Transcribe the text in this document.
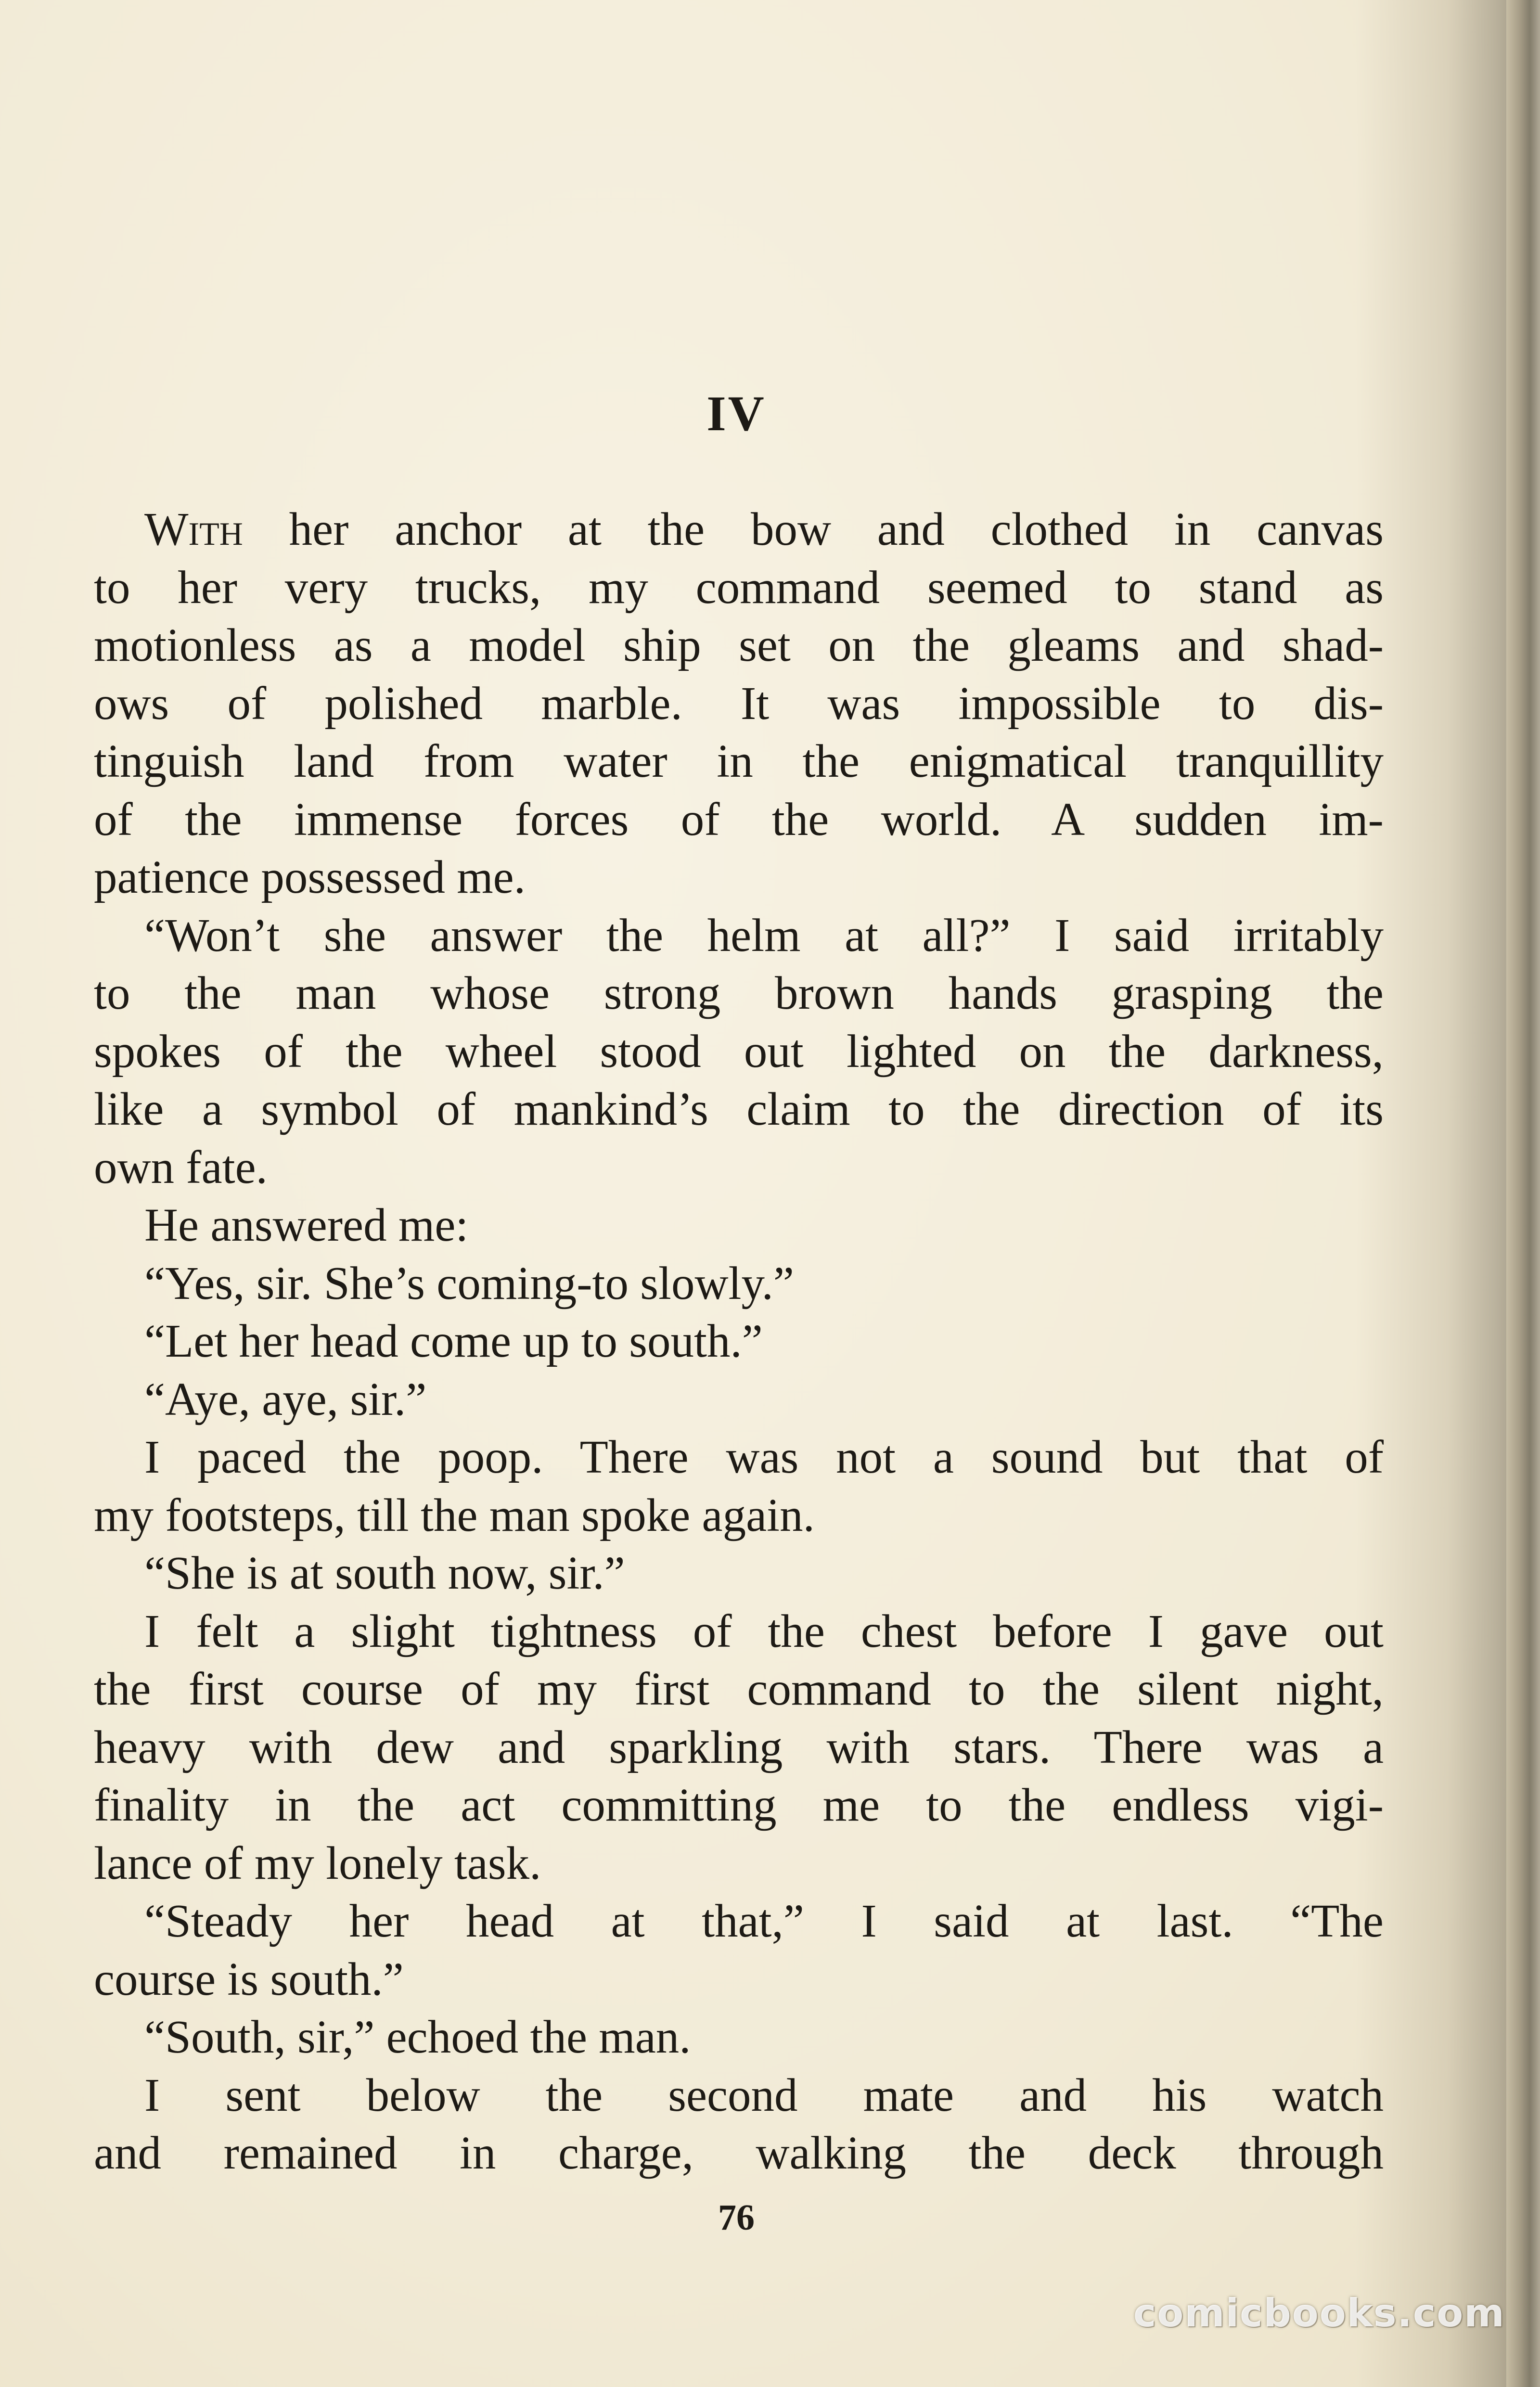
IV
With her anchor at the bow and clothed in canvas
to her very trucks, my command seemed to stand as
motionless as a model ship set on the gleams and shad-
ows of polished marble. It was impossible to dis-
tinguish land from water in the enigmatical tranquillity
of the immense forces of the world. A sudden im-
patience possessed me.
“Won’t she answer the helm at all?” I said irritably
to the man whose strong brown hands grasping the
spokes of the wheel stood out lighted on the darkness,
like a symbol of mankind’s claim to the direction of its
own fate.
He answered me:
“Yes, sir. She’s coming-to slowly.”
“Let her head come up to south.”
“Aye, aye, sir.”
I paced the poop. There was not a sound but that of
my footsteps, till the man spoke again.
“She is at south now, sir.”
I felt a slight tightness of the chest before I gave out
the first course of my first command to the silent night,
heavy with dew and sparkling with stars. There was a
finality in the act committing me to the endless vigi-
lance of my lonely task.
“Steady her head at that,” I said at last. “The
course is south.”
“South, sir,” echoed the man.
I sent below the second mate and his watch
and remained in charge, walking the deck through
76
comicbooks.com
